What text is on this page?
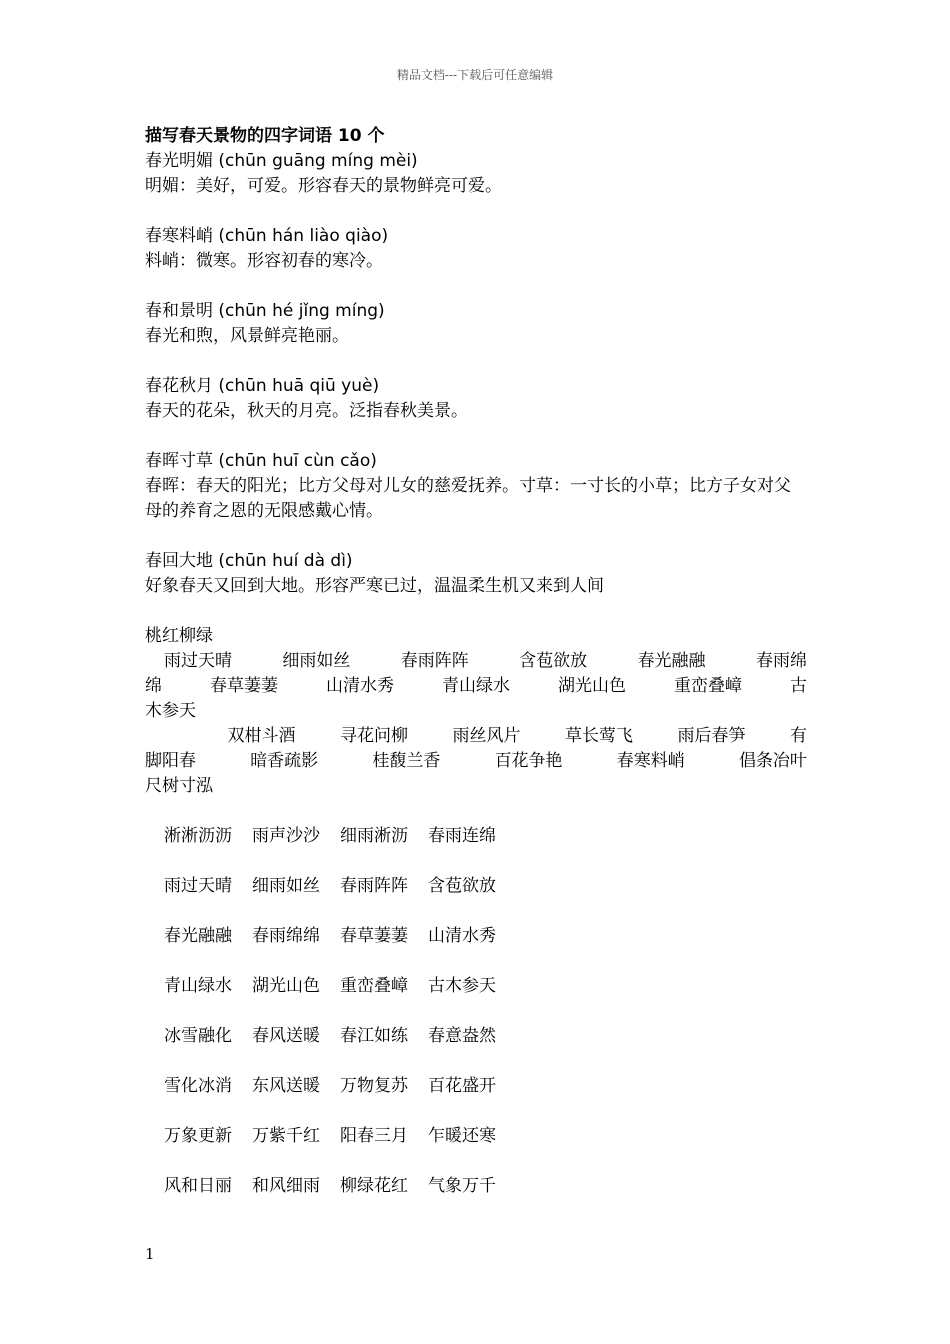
精品文档---下载后可任意编辑
描写春天景物的四字词语 10 个
春光明媚 (chūn guāng míng mèi)
明媚：美好，可爱。形容春天的景物鲜亮可爱。
春寒料峭 (chūn hán liào qiào)
料峭：微寒。形容初春的寒冷。
春和景明 (chūn hé jǐng míng)
春光和煦，风景鲜亮艳丽。
春花秋月 (chūn huā qiū yuè)
春天的花朵，秋天的月亮。泛指春秋美景。
春晖寸草 (chūn huī cùn cǎo)
春晖：春天的阳光；比方父母对儿女的慈爱抚养。寸草：一寸长的小草；比方子女对父母的养育之恩的无限感戴心情。
春回大地 (chūn huí dà dì)
好象春天又回到大地。形容严寒已过，温温柔生机又来到人间
桃红柳绿
雨过天晴	细雨如丝	春雨阵阵	含苞欲放	春光融融	春雨绵
绵	春草萋萋	山清水秀	青山绿水	湖光山色	重峦叠嶂	古
木参天
双柑斗酒	寻花问柳	雨丝风片	草长莺飞	雨后春笋	有
脚阳春	暗香疏影	桂馥兰香	百花争艳	春寒料峭	倡条冶叶
尺树寸泓
淅淅沥沥 雨声沙沙 细雨淅沥 春雨连绵
雨过天晴 细雨如丝 春雨阵阵 含苞欲放
春光融融 春雨绵绵 春草萋萋 山清水秀
青山绿水 湖光山色 重峦叠嶂 古木参天
冰雪融化 春风送暖 春江如练 春意盎然
雪化冰消 东风送暖 万物复苏 百花盛开
万象更新 万紫千红 阳春三月 乍暖还寒
风和日丽 和风细雨 柳绿花红 气象万千
1
